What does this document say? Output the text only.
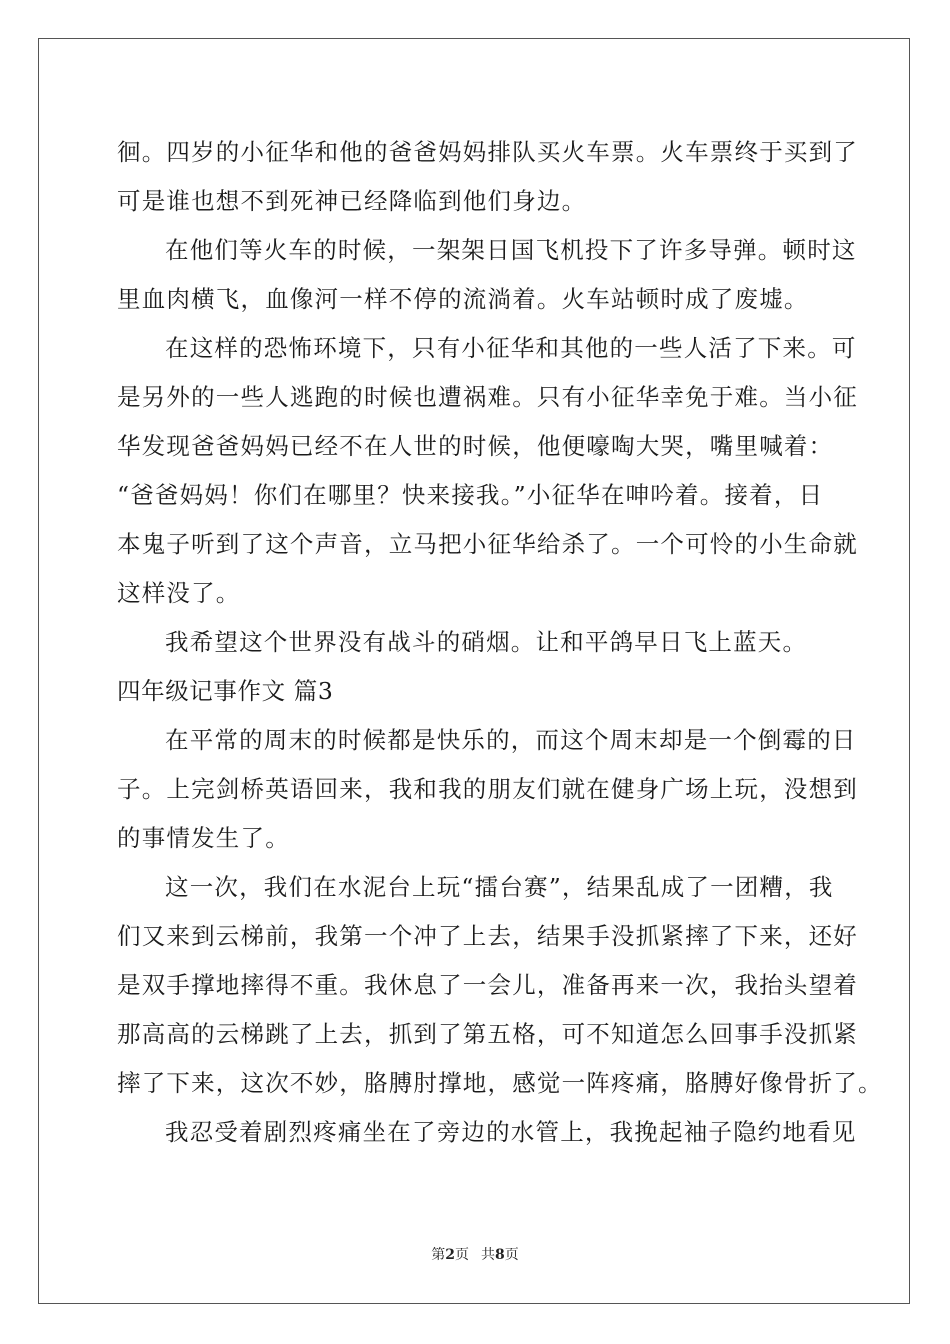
徊。四岁的小征华和他的爸爸妈妈排队买火车票。火车票终于买到了
可是谁也想不到死神已经降临到他们身边。
在他们等火车的时候，一架架日国飞机投下了许多导弹。顿时这
里血肉横飞，血像河一样不停的流淌着。火车站顿时成了废墟。
在这样的恐怖环境下，只有小征华和其他的一些人活了下来。可
是另外的一些人逃跑的时候也遭祸难。只有小征华幸免于难。当小征
华发现爸爸妈妈已经不在人世的时候，他便嚎啕大哭，嘴里喊着：
“爸爸妈妈！你们在哪里？快来接我。”小征华在呻吟着。接着，日
本鬼子听到了这个声音，立马把小征华给杀了。一个可怜的小生命就
这样没了。
我希望这个世界没有战斗的硝烟。让和平鸽早日飞上蓝天。
四年级记事作文 篇3
在平常的周末的时候都是快乐的，而这个周末却是一个倒霉的日
子。上完剑桥英语回来，我和我的朋友们就在健身广场上玩，没想到
的事情发生了。
这一次，我们在水泥台上玩“擂台赛”，结果乱成了一团糟，我
们又来到云梯前，我第一个冲了上去，结果手没抓紧摔了下来，还好
是双手撑地摔得不重。我休息了一会儿，准备再来一次，我抬头望着
那高高的云梯跳了上去，抓到了第五格，可不知道怎么回事手没抓紧
摔了下来，这次不妙，胳膊肘撑地，感觉一阵疼痛，胳膊好像骨折了。
我忍受着剧烈疼痛坐在了旁边的水管上，我挽起袖子隐约地看见
第2页 共8页
